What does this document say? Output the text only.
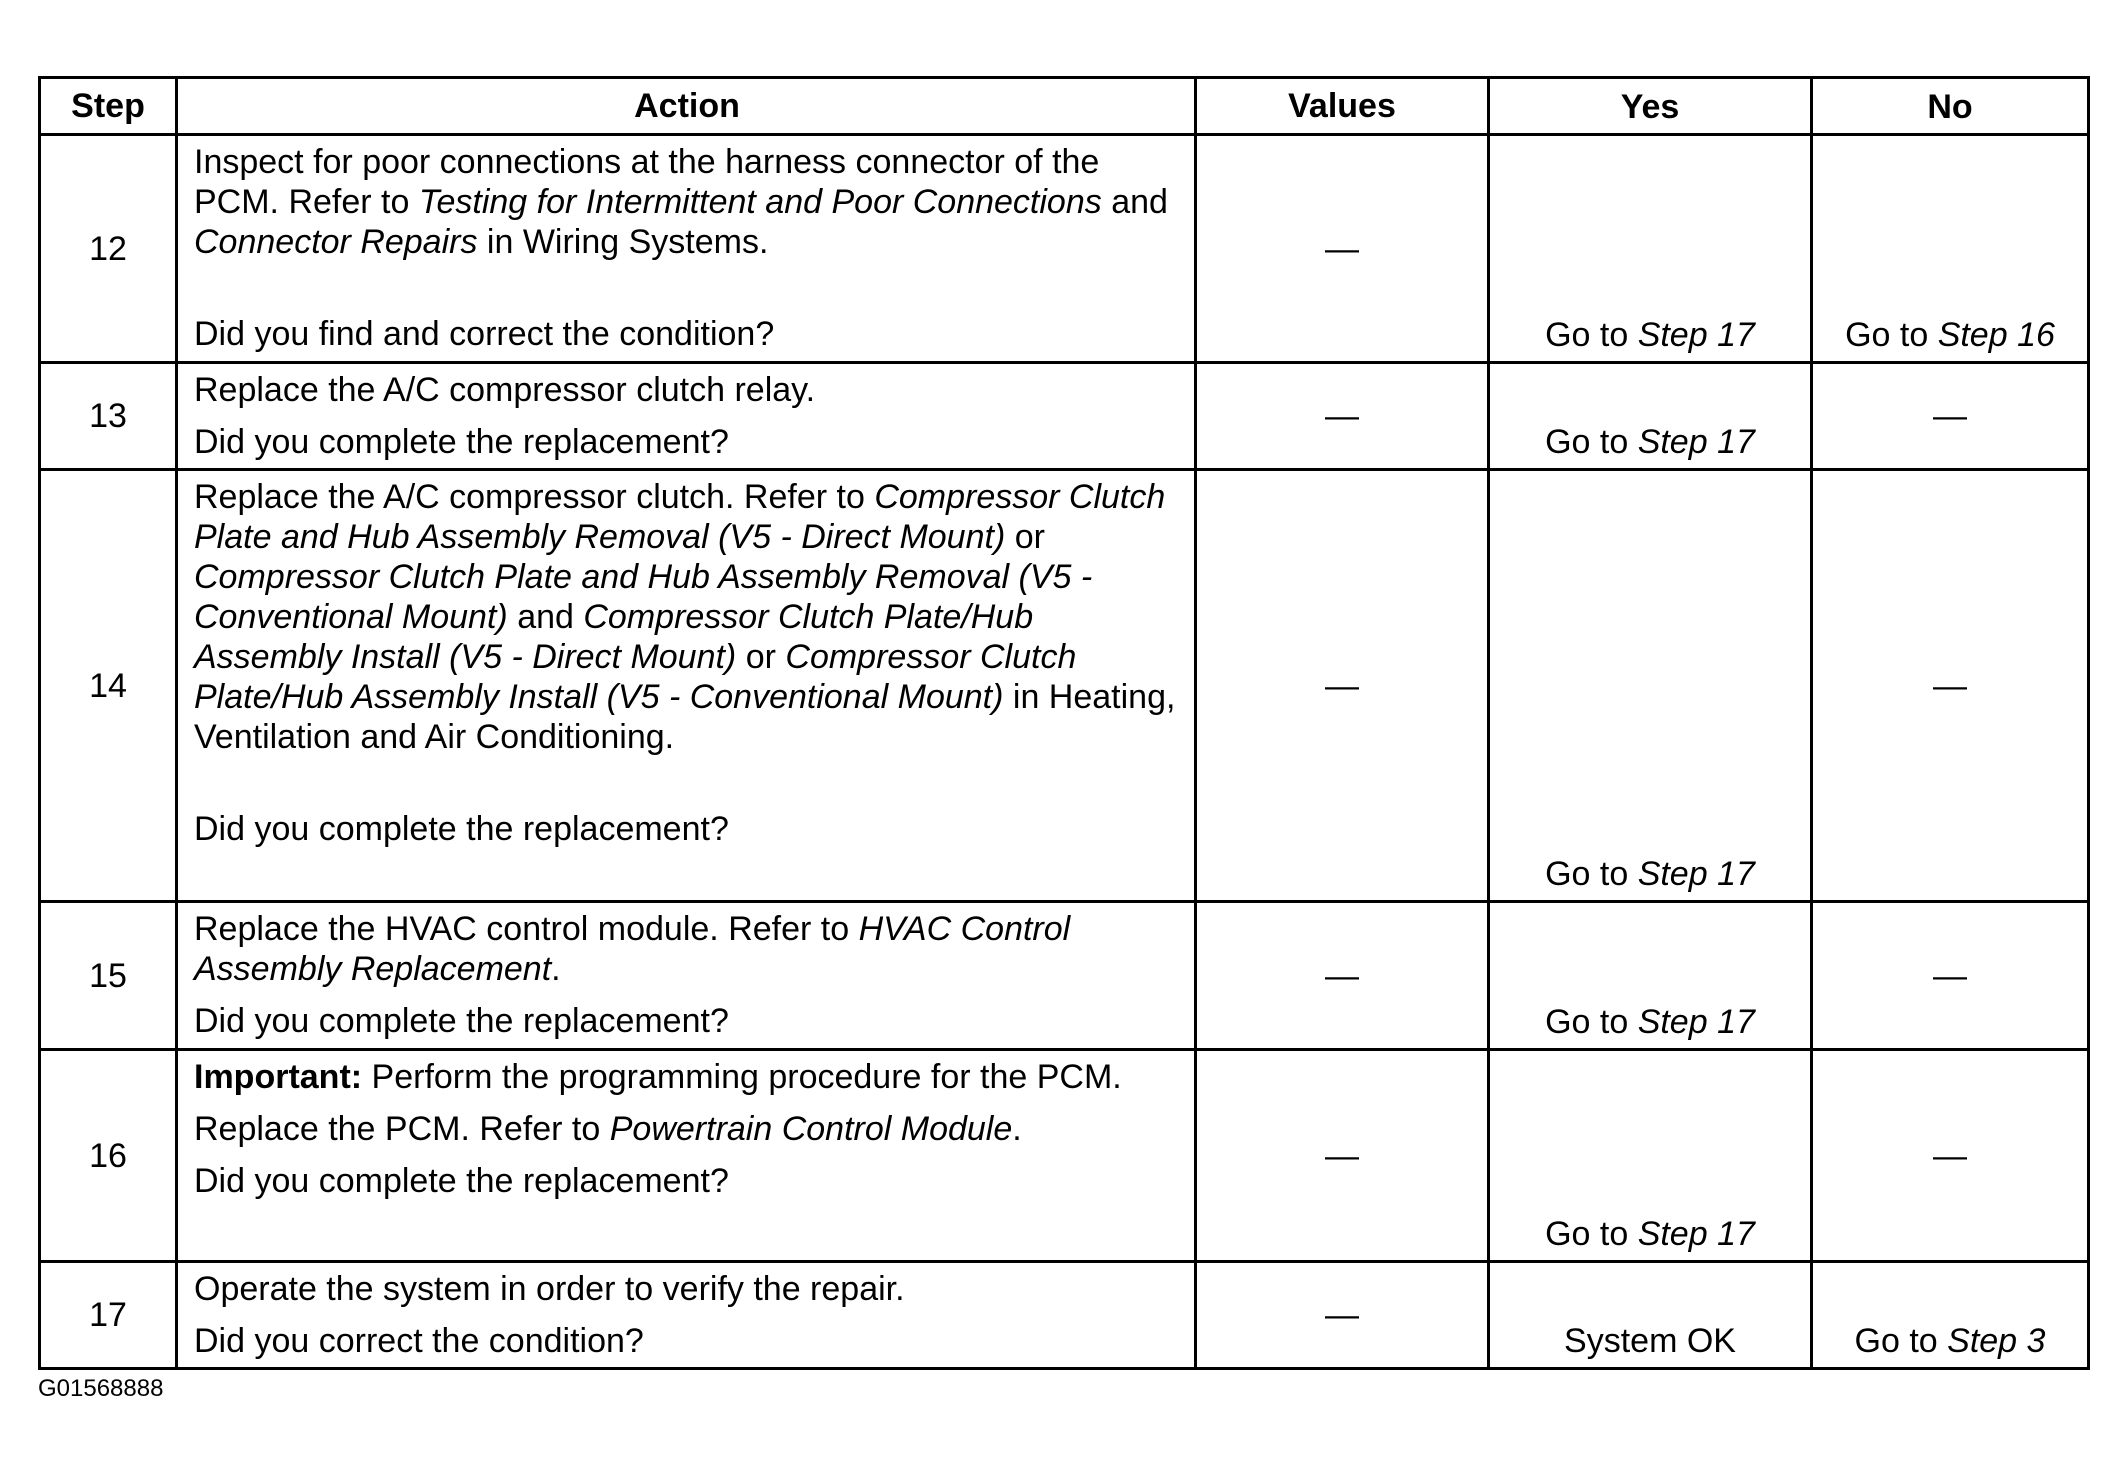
Step	Action	Values	Yes	No
12	Inspect for poor connections at the harness connector of the PCM. Refer to Testing for Intermittent and Poor Connections and Connector Repairs in Wiring Systems.
Did you find and correct the condition?	—	Go to Step 17	Go to Step 16
13	Replace the A/C compressor clutch relay.
Did you complete the replacement?	—	Go to Step 17	—
14	Replace the A/C compressor clutch. Refer to Compressor Clutch Plate and Hub Assembly Removal (V5 - Direct Mount) or Compressor Clutch Plate and Hub Assembly Removal (V5 - Conventional Mount) and Compressor Clutch Plate/Hub Assembly Install (V5 - Direct Mount) or Compressor Clutch Plate/Hub Assembly Install (V5 - Conventional Mount) in Heating, Ventilation and Air Conditioning.
Did you complete the replacement?	—	Go to Step 17	—
15	Replace the HVAC control module. Refer to HVAC Control Assembly Replacement.
Did you complete the replacement?	—	Go to Step 17	—
16	Important: Perform the programming procedure for the PCM.
Replace the PCM. Refer to Powertrain Control Module.
Did you complete the replacement?	—	Go to Step 17	—
17	Operate the system in order to verify the repair.
Did you correct the condition?	—	System OK	Go to Step 3
G01568888
